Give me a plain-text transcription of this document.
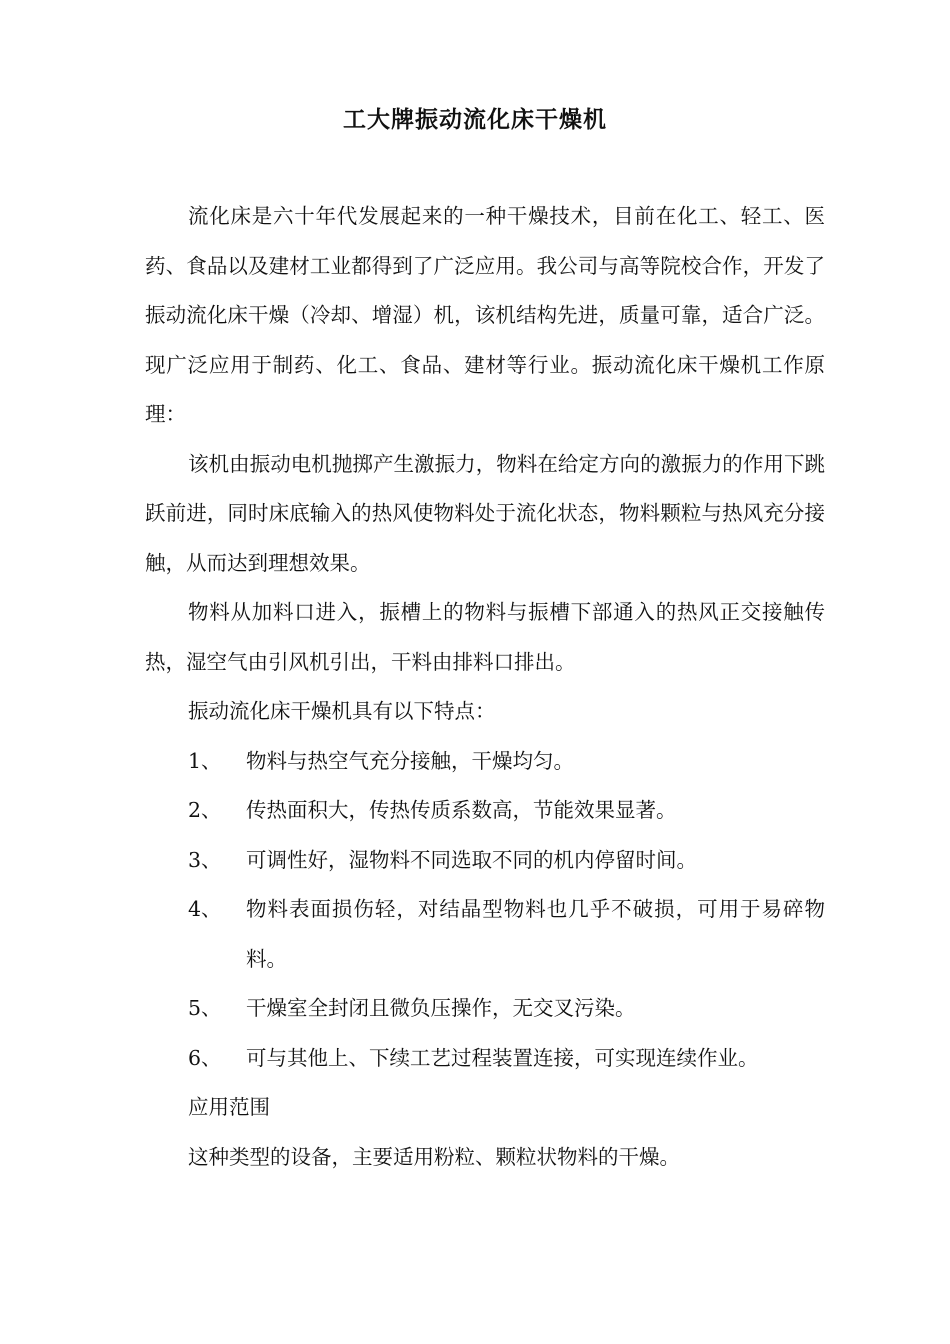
工大牌振动流化床干燥机

流化床是六十年代发展起来的一种干燥技术，目前在化工、轻工、医药、食品以及建材工业都得到了广泛应用。我公司与高等院校合作，开发了振动流化床干燥（冷却、增湿）机，该机结构先进，质量可靠，适合广泛。现广泛应用于制药、化工、食品、建材等行业。振动流化床干燥机工作原理：

该机由振动电机抛掷产生激振力，物料在给定方向的激振力的作用下跳跃前进，同时床底输入的热风使物料处于流化状态，物料颗粒与热风充分接触，从而达到理想效果。

物料从加料口进入，振槽上的物料与振槽下部通入的热风正交接触传热，湿空气由引风机引出，干料由排料口排出。

振动流化床干燥机具有以下特点：

1、	物料与热空气充分接触，干燥均匀。
2、	传热面积大，传热传质系数高，节能效果显著。
3、	可调性好，湿物料不同选取不同的机内停留时间。
4、	物料表面损伤轻，对结晶型物料也几乎不破损，可用于易碎物料。
5、	干燥室全封闭且微负压操作，无交叉污染。
6、	可与其他上、下续工艺过程装置连接，可实现连续作业。

应用范围

这种类型的设备，主要适用粉粒、颗粒状物料的干燥。
